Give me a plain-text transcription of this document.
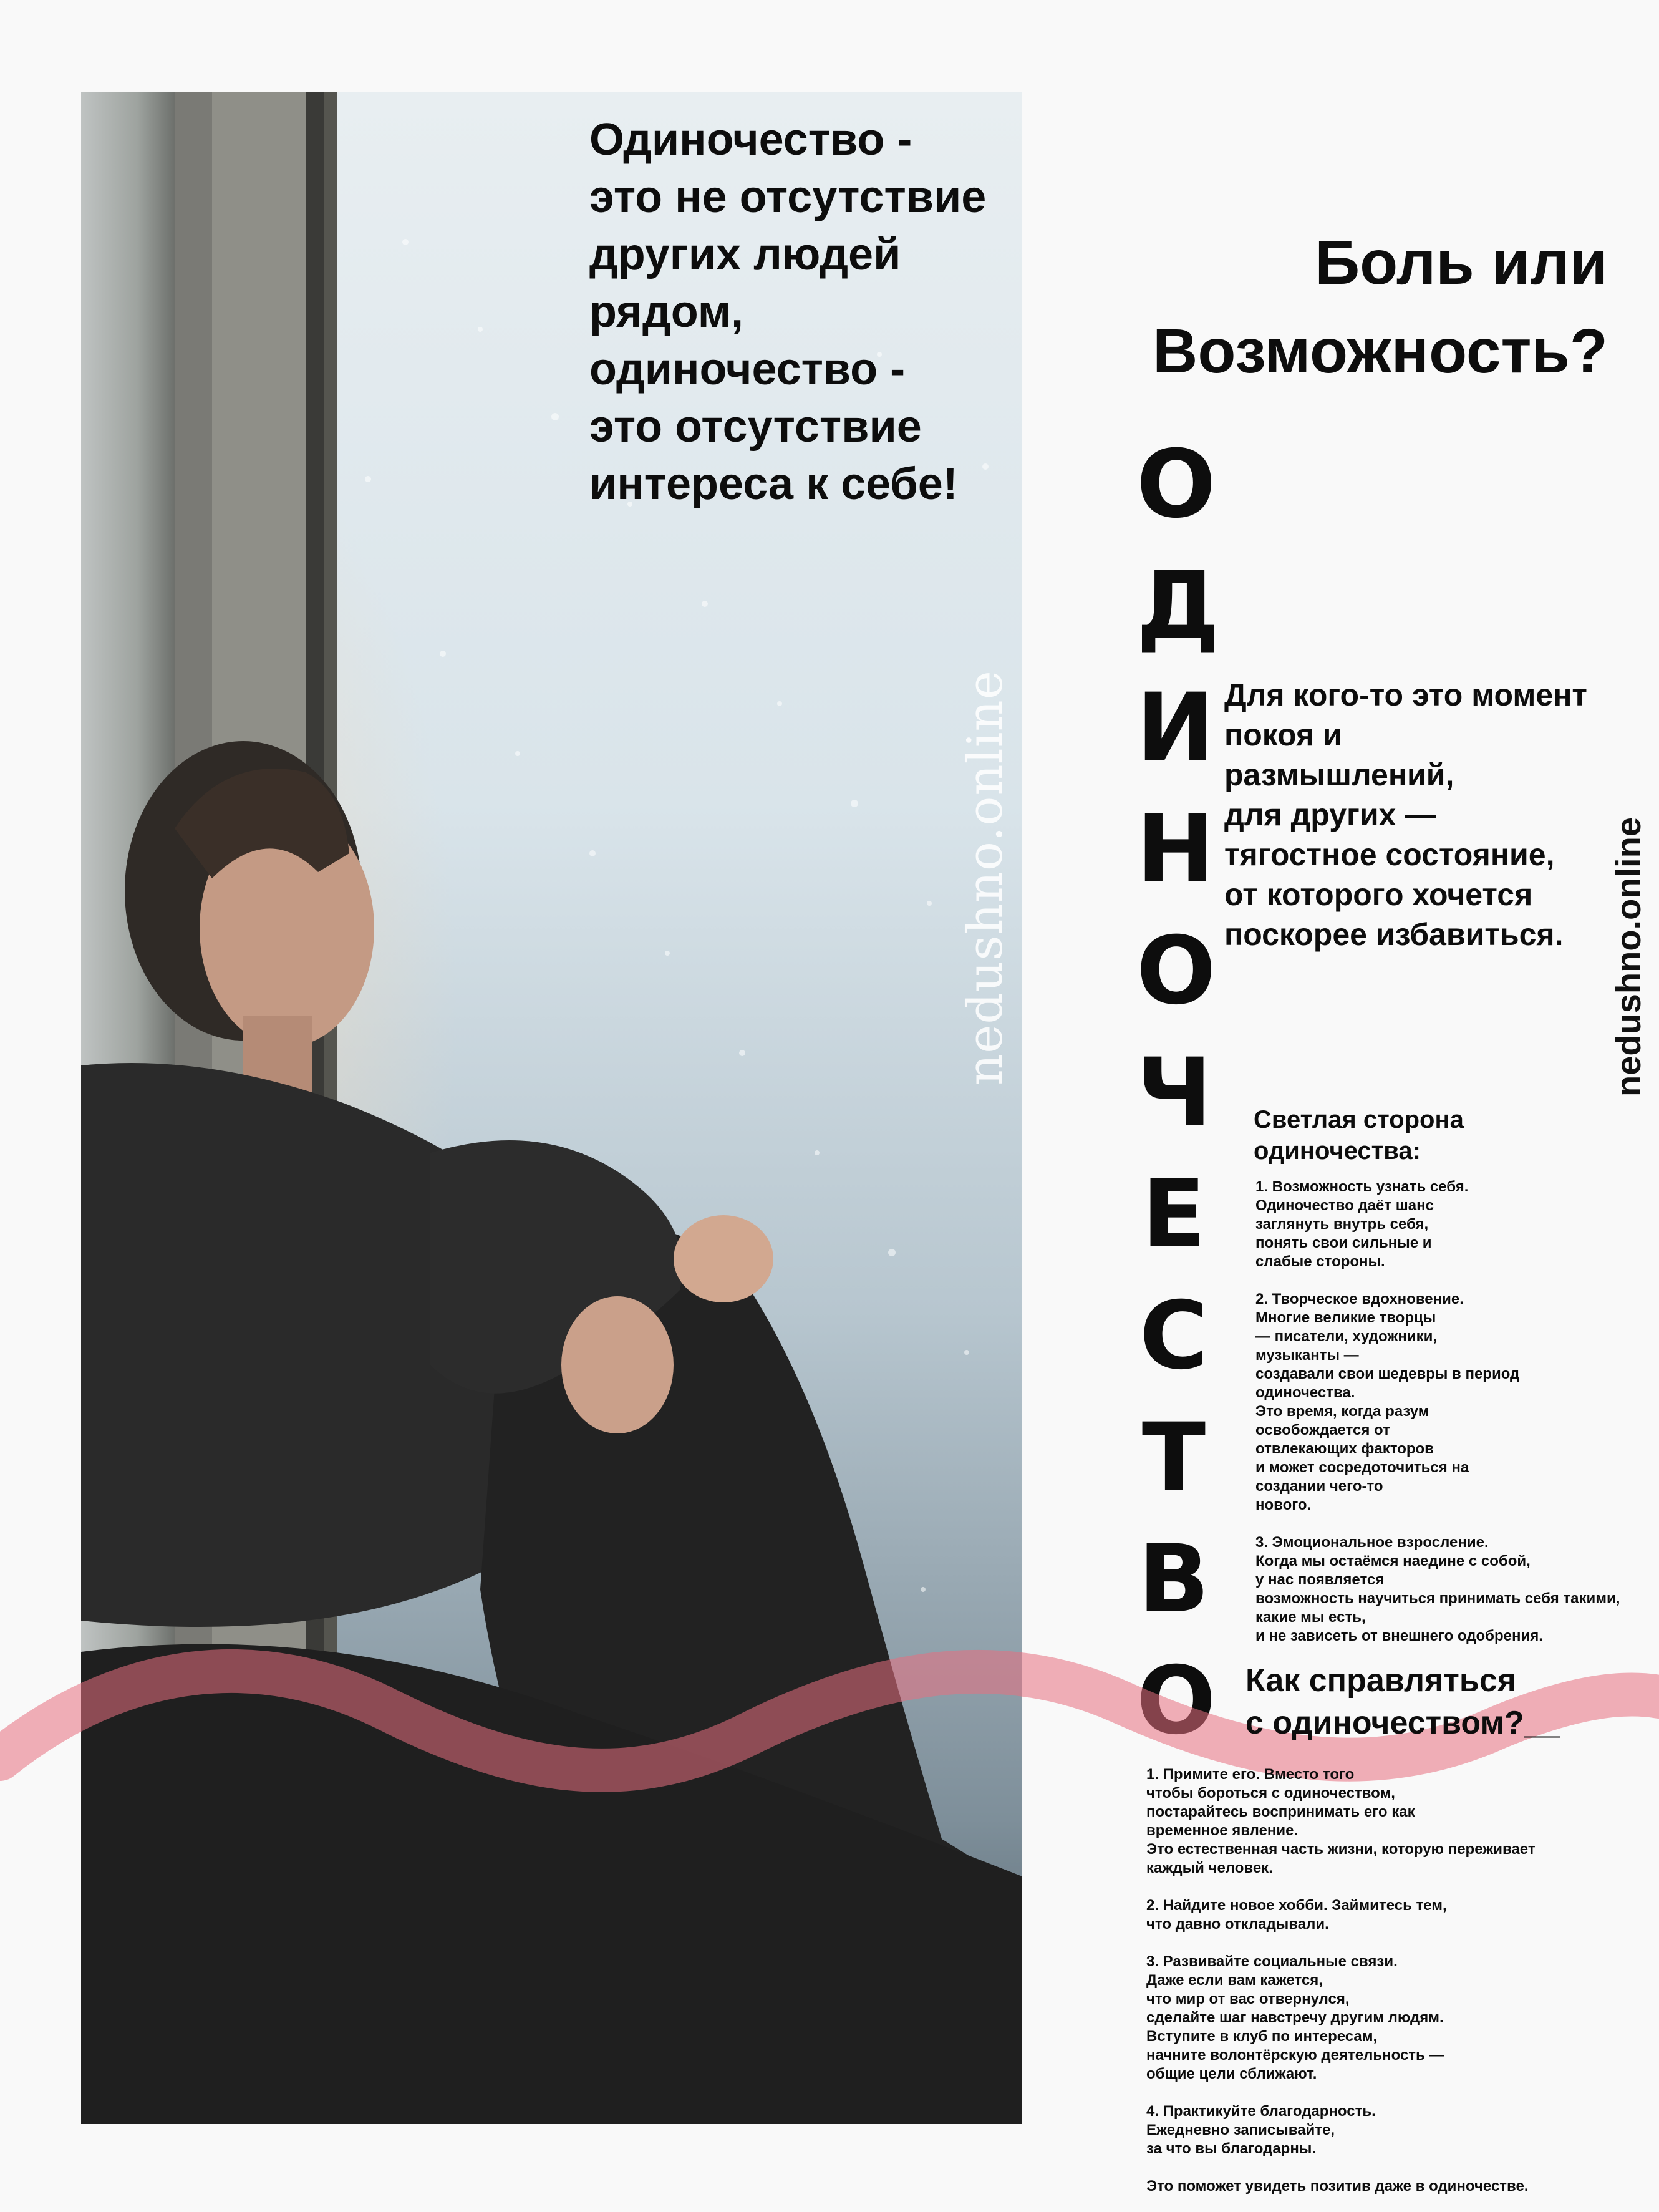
Одиночество -
это не отсутствие
других людей
рядом,
одиночество -
это отсутствие
интереса к себе!
nedushno.online
Боль или
Возможность?
О
Д
И
Н
О
Ч
Е
С
Т
В
О
Для кого-то это момент
покоя и
размышлений,
для других —
тягостное состояние,
от которого хочется
поскорее избавиться.	nedushno.online
Светлая сторона
одиночества:
1. Возможность узнать себя.
Одиночество даёт шанс
заглянуть внутрь себя,
понять свои сильные и
слабые стороны.
2. Творческое вдохновение.
Многие великие творцы
— писатели, художники,
музыканты —
создавали свои шедевры в период
одиночества.
Это время, когда разум
освобождается от
отвлекающих факторов
и может сосредоточиться на
создании чего-то
нового.
3. Эмоциональное взросление.
Когда мы остаёмся наедине с собой,
у нас появляется
возможность научиться принимать себя такими,
какие мы есть,
и не зависеть от внешнего одобрения.
Как справляться
с одиночеством?__
1. Примите его. Вместо того
чтобы бороться с одиночеством,
постарайтесь воспринимать его как
временное явление.
Это естественная часть жизни, которую переживает
каждый человек.
2. Найдите новое хобби. Займитесь тем,
что давно откладывали.
3. Развивайте социальные связи.
Даже если вам кажется,
что мир от вас отвернулся,
сделайте шаг навстречу другим людям.
Вступите в клуб по интересам,
начните волонтёрскую деятельность —
общие цели сближают.
4. Практикуйте благодарность.
Ежедневно записывайте,
за что вы благодарны.
Это поможет увидеть позитив даже в одиночестве.
